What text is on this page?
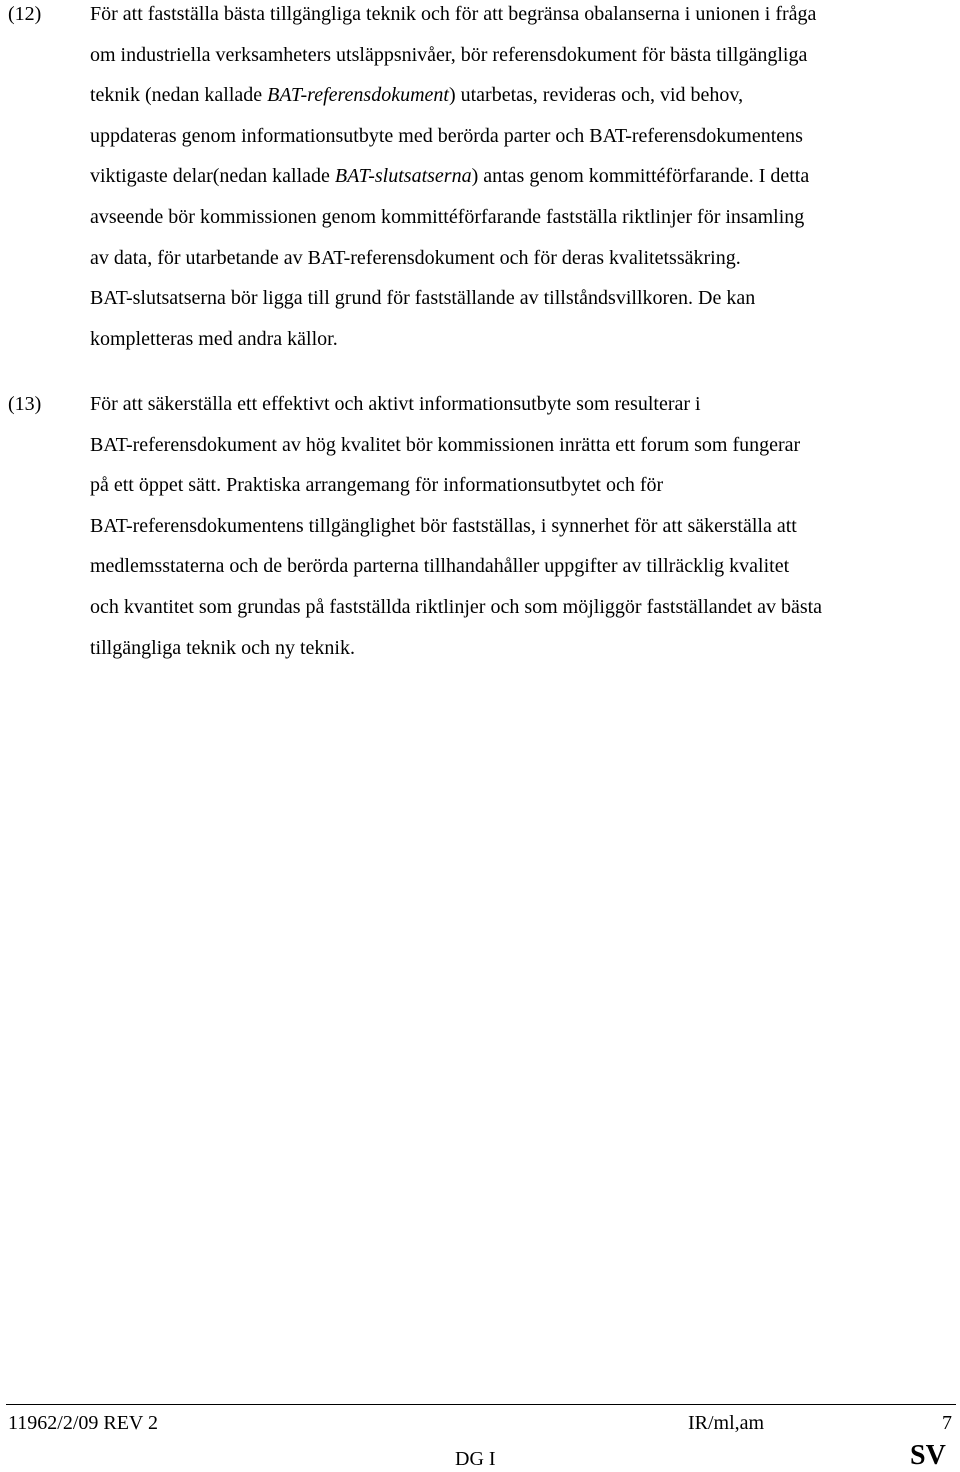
(12) För att fastställa bästa tillgängliga teknik och för att begränsa obalanserna i unionen i fråga
om industriella verksamheters utsläppsnivåer, bör referensdokument för bästa tillgängliga
teknik (nedan kallade BAT-referensdokument) utarbetas, revideras och, vid behov,
uppdateras genom informationsutbyte med berörda parter och BAT-referensdokumentens
viktigaste delar(nedan kallade BAT-slutsatserna) antas genom kommittéförfarande. I detta
avseende bör kommissionen genom kommittéförfarande fastställa riktlinjer för insamling
av data, för utarbetande av BAT-referensdokument och för deras kvalitetssäkring.
BAT-slutsatserna bör ligga till grund för fastställande av tillståndsvillkoren. De kan
kompletteras med andra källor.
(13) För att säkerställa ett effektivt och aktivt informationsutbyte som resulterar i
BAT-referensdokument av hög kvalitet bör kommissionen inrätta ett forum som fungerar
på ett öppet sätt. Praktiska arrangemang för informationsutbytet och för
BAT-referensdokumentens tillgänglighet bör fastställas, i synnerhet för att säkerställa att
medlemsstaterna och de berörda parterna tillhandahåller uppgifter av tillräcklig kvalitet
och kvantitet som grundas på fastställda riktlinjer och som möjliggör fastställandet av bästa
tillgängliga teknik och ny teknik.
11962/2/09 REV 2	IR/ml,am	7
DG I	SV
